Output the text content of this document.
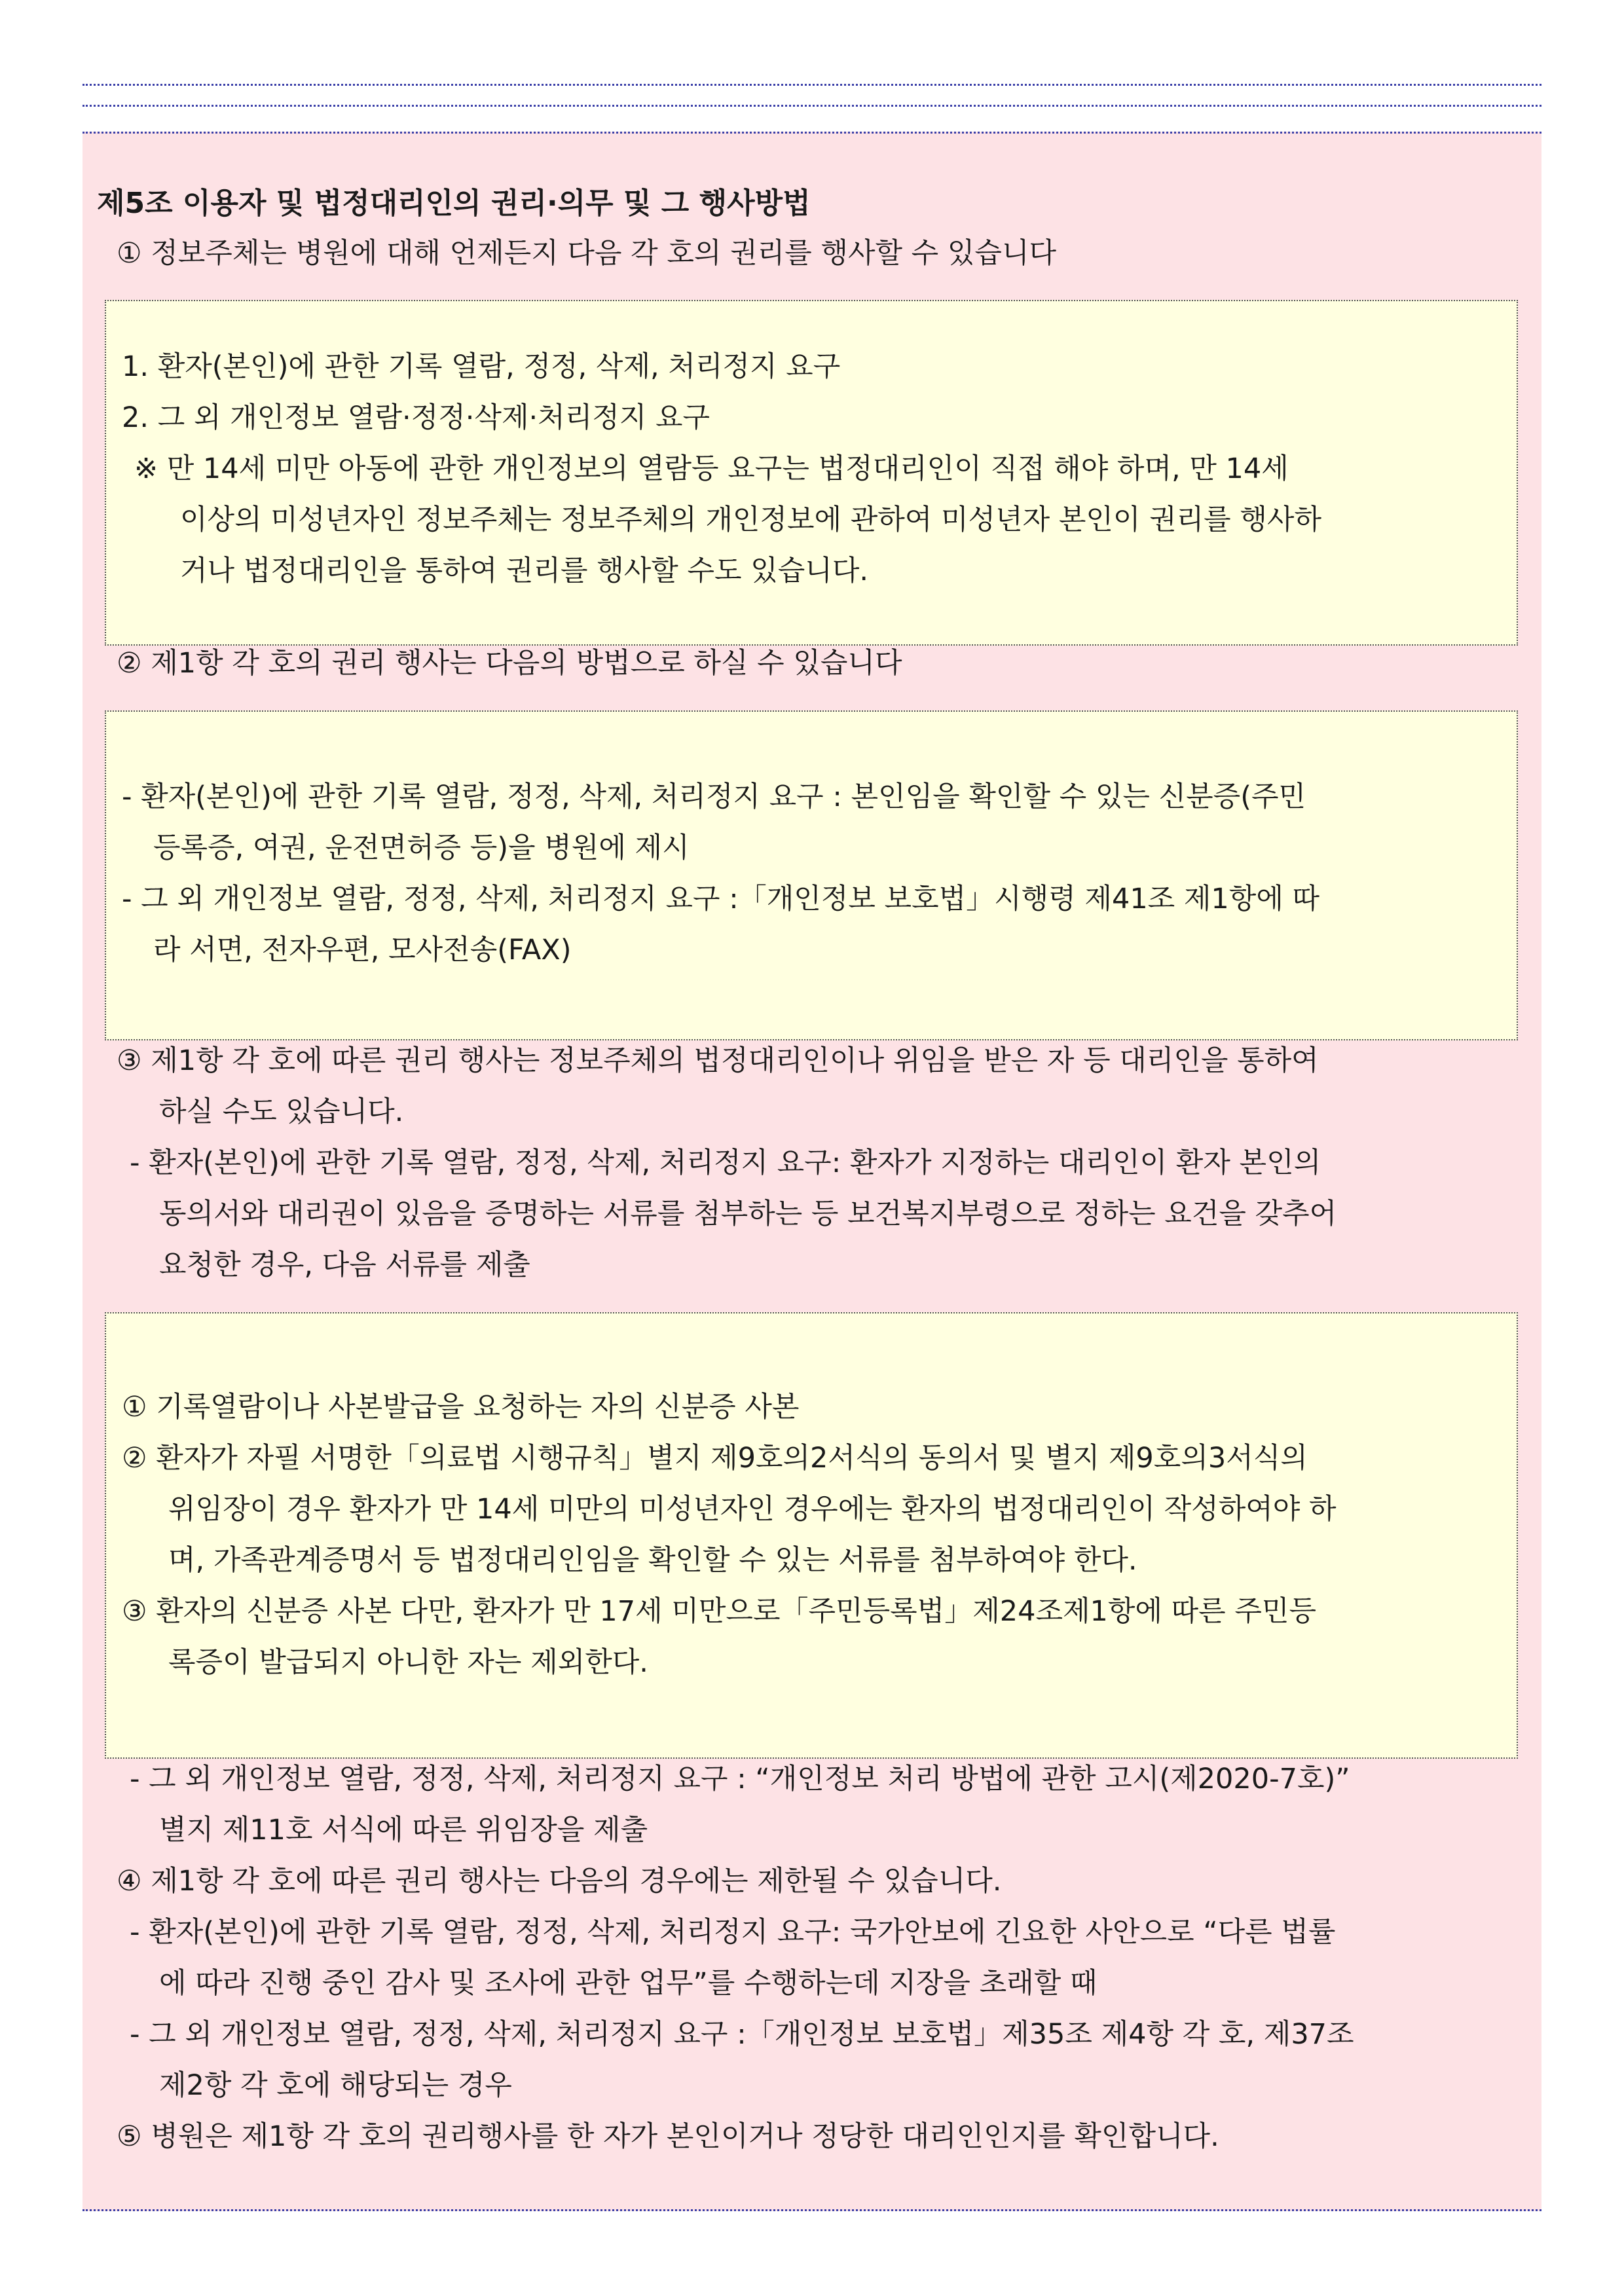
제5조 이용자 및 법정대리인의 권리·의무 및 그 행사방법
① 정보주체는 병원에 대해 언제든지 다음 각 호의 권리를 행사할 수 있습니다
1. 환자(본인)에 관한 기록 열람, 정정, 삭제, 처리정지 요구
2. 그 외 개인정보 열람·정정·삭제·처리정지 요구
※ 만 14세 미만 아동에 관한 개인정보의 열람등 요구는 법정대리인이 직접 해야 하며, 만 14세
이상의 미성년자인 정보주체는 정보주체의 개인정보에 관하여 미성년자 본인이 권리를 행사하
거나 법정대리인을 통하여 권리를 행사할 수도 있습니다.
② 제1항 각 호의 권리 행사는 다음의 방법으로 하실 수 있습니다
- 환자(본인)에 관한 기록 열람, 정정, 삭제, 처리정지 요구 : 본인임을 확인할 수 있는 신분증(주민
등록증, 여권, 운전면허증 등)을 병원에 제시
- 그 외 개인정보 열람, 정정, 삭제, 처리정지 요구 :「개인정보 보호법」시행령 제41조 제1항에 따
라 서면, 전자우편, 모사전송(FAX)
③ 제1항 각 호에 따른 권리 행사는 정보주체의 법정대리인이나 위임을 받은 자 등 대리인을 통하여
하실 수도 있습니다.
- 환자(본인)에 관한 기록 열람, 정정, 삭제, 처리정지 요구: 환자가 지정하는 대리인이 환자 본인의
동의서와 대리권이 있음을 증명하는 서류를 첨부하는 등 보건복지부령으로 정하는 요건을 갖추어
요청한 경우, 다음 서류를 제출
① 기록열람이나 사본발급을 요청하는 자의 신분증 사본
② 환자가 자필 서명한「의료법 시행규칙」별지 제9호의2서식의 동의서 및 별지 제9호의3서식의
위임장이 경우 환자가 만 14세 미만의 미성년자인 경우에는 환자의 법정대리인이 작성하여야 하
며, 가족관계증명서 등 법정대리인임을 확인할 수 있는 서류를 첨부하여야 한다.
③ 환자의 신분증 사본 다만, 환자가 만 17세 미만으로「주민등록법」제24조제1항에 따른 주민등
록증이 발급되지 아니한 자는 제외한다.
- 그 외 개인정보 열람, 정정, 삭제, 처리정지 요구 : “개인정보 처리 방법에 관한 고시(제2020-7호)”
별지 제11호 서식에 따른 위임장을 제출
④ 제1항 각 호에 따른 권리 행사는 다음의 경우에는 제한될 수 있습니다.
- 환자(본인)에 관한 기록 열람, 정정, 삭제, 처리정지 요구: 국가안보에 긴요한 사안으로 “다른 법률
에 따라 진행 중인 감사 및 조사에 관한 업무”를 수행하는데 지장을 초래할 때
- 그 외 개인정보 열람, 정정, 삭제, 처리정지 요구 :「개인정보 보호법」제35조 제4항 각 호, 제37조
제2항 각 호에 해당되는 경우
⑤ 병원은 제1항 각 호의 권리행사를 한 자가 본인이거나 정당한 대리인인지를 확인합니다.
